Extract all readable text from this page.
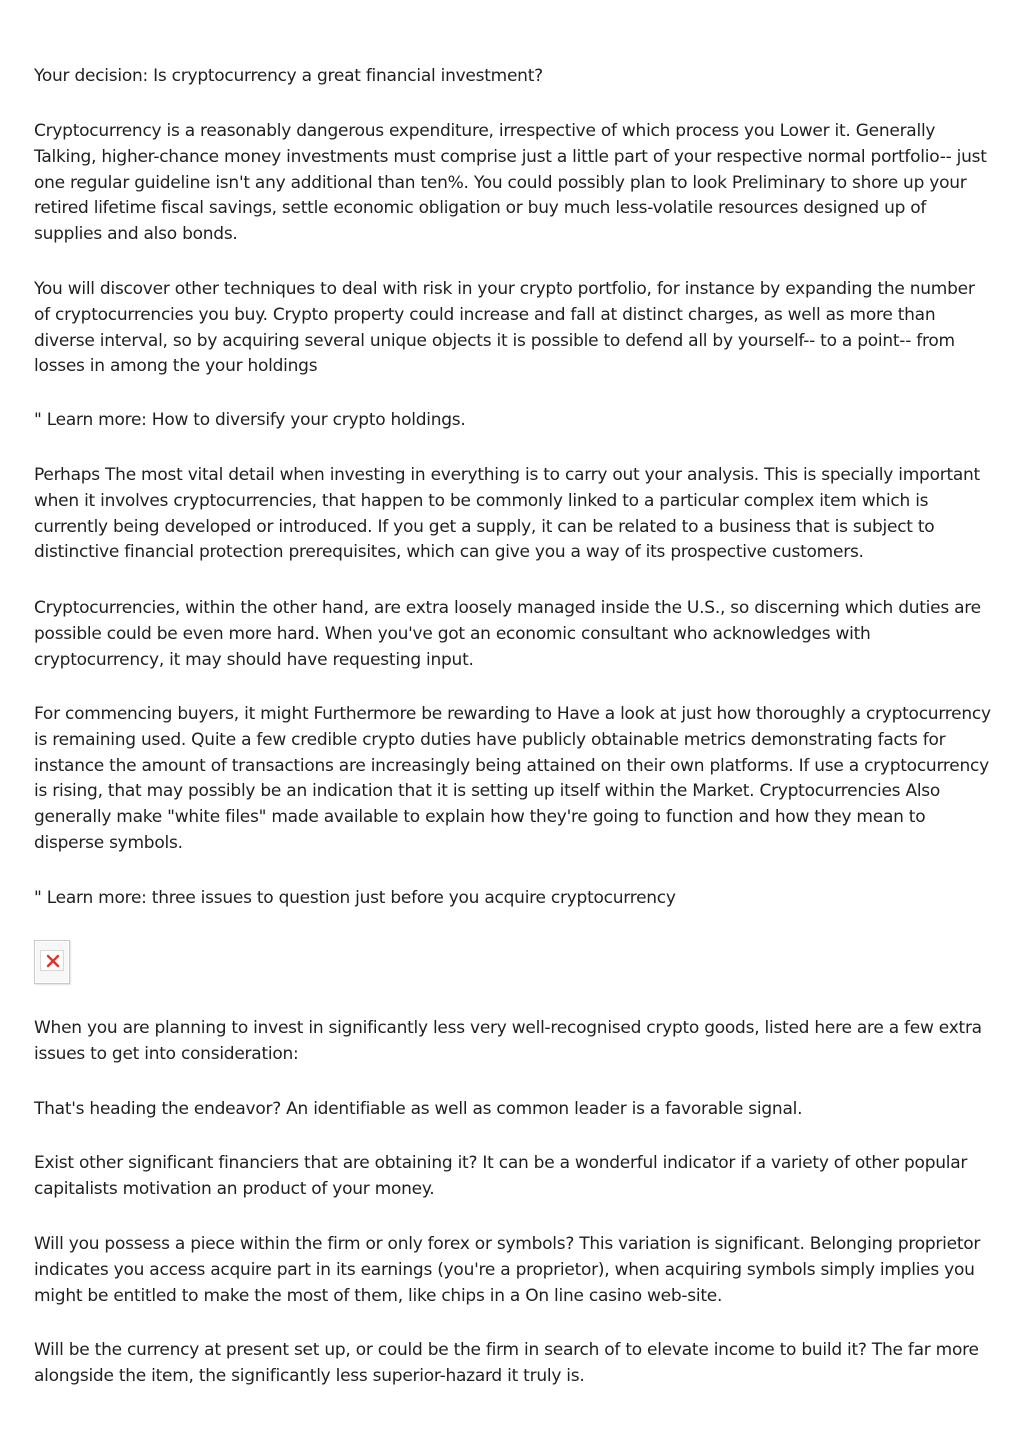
Your decision: Is cryptocurrency a great financial investment?

Cryptocurrency is a reasonably dangerous expenditure, irrespective of which process you Lower it. Generally Talking, higher-chance money investments must comprise just a little part of your respective normal portfolio-- just one regular guideline isn't any additional than ten%. You could possibly plan to look Preliminary to shore up your retired lifetime fiscal savings, settle economic obligation or buy much less-volatile resources designed up of supplies and also bonds.

You will discover other techniques to deal with risk in your crypto portfolio, for instance by expanding the number of cryptocurrencies you buy. Crypto property could increase and fall at distinct charges, as well as more than diverse interval, so by acquiring several unique objects it is possible to defend all by yourself-- to a point-- from losses in among the your holdings

" Learn more: How to diversify your crypto holdings.

Perhaps The most vital detail when investing in everything is to carry out your analysis. This is specially important when it involves cryptocurrencies, that happen to be commonly linked to a particular complex item which is currently being developed or introduced. If you get a supply, it can be related to a business that is subject to distinctive financial protection prerequisites, which can give you a way of its prospective customers.

Cryptocurrencies, within the other hand, are extra loosely managed inside the U.S., so discerning which duties are possible could be even more hard. When you've got an economic consultant who acknowledges with cryptocurrency, it may should have requesting input.

For commencing buyers, it might Furthermore be rewarding to Have a look at just how thoroughly a cryptocurrency is remaining used. Quite a few credible crypto duties have publicly obtainable metrics demonstrating facts for instance the amount of transactions are increasingly being attained on their own platforms. If use a cryptocurrency is rising, that may possibly be an indication that it is setting up itself within the Market. Cryptocurrencies Also generally make "white files" made available to explain how they're going to function and how they mean to disperse symbols.

" Learn more: three issues to question just before you acquire cryptocurrency

When you are planning to invest in significantly less very well-recognised crypto goods, listed here are a few extra issues to get into consideration:

That's heading the endeavor? An identifiable as well as common leader is a favorable signal.

Exist other significant financiers that are obtaining it? It can be a wonderful indicator if a variety of other popular capitalists motivation an product of your money.

Will you possess a piece within the firm or only forex or symbols? This variation is significant. Belonging proprietor indicates you access acquire part in its earnings (you're a proprietor), when acquiring symbols simply implies you might be entitled to make the most of them, like chips in a On line casino web-site.

Will be the currency at present set up, or could be the firm in search of to elevate income to build it? The far more alongside the item, the significantly less superior-hazard it truly is.
